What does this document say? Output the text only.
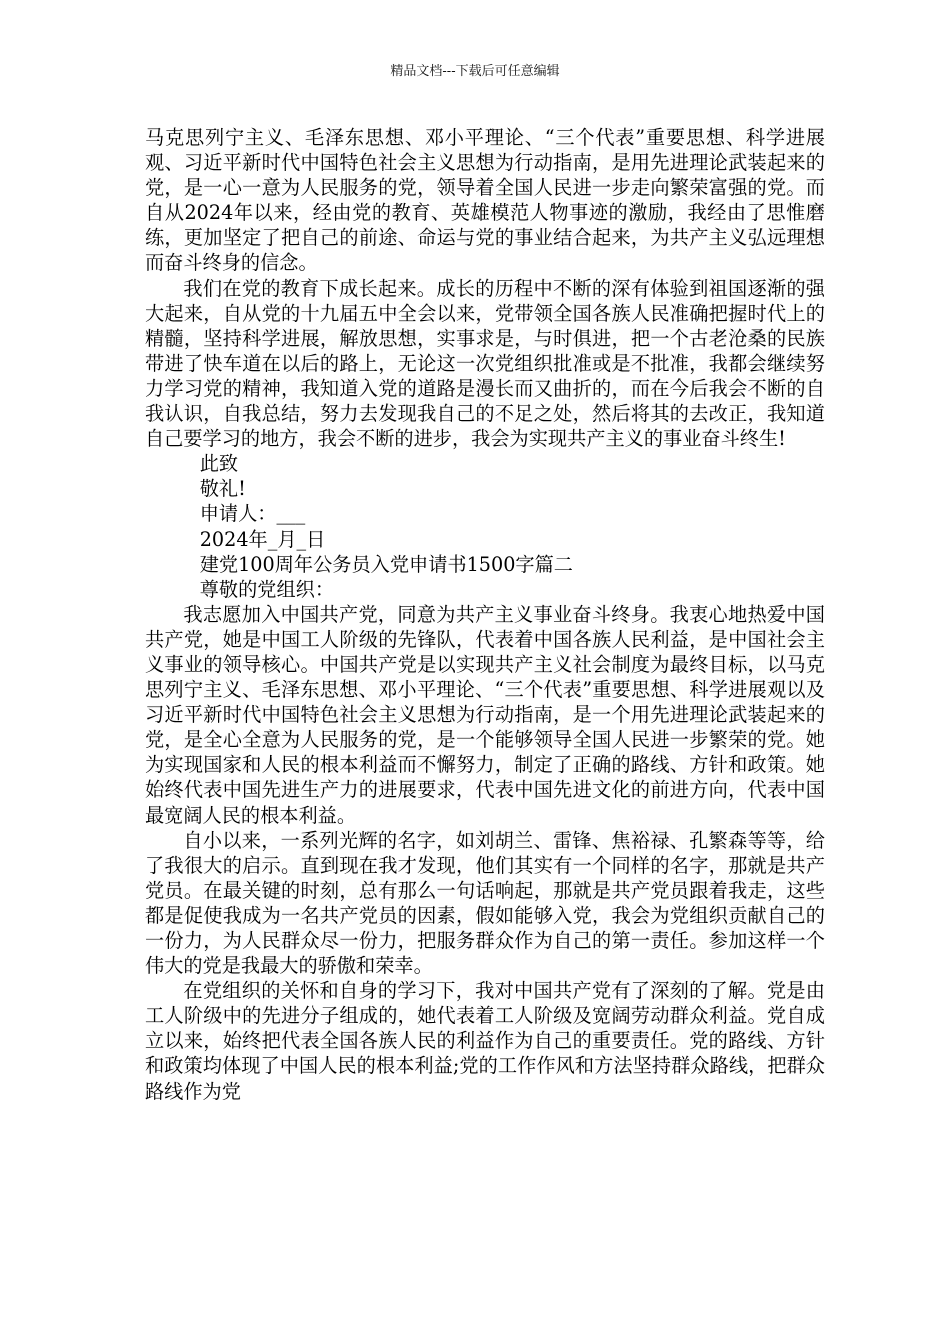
精品文档---下载后可任意编辑

马克思列宁主义、毛泽东思想、邓小平理论、“三个代表”重要思想、科学进展观、习近平新时代中国特色社会主义思想为行动指南，是用先进理论武装起来的党，是一心一意为人民服务的党，领导着全国人民进一步走向繁荣富强的党。而自从2024年以来，经由党的教育、英雄模范人物事迹的激励，我经由了思惟磨练，更加坚定了把自己的前途、命运与党的事业结合起来，为共产主义弘远理想而奋斗终身的信念。

我们在党的教育下成长起来。成长的历程中不断的深有体验到祖国逐渐的强大起来，自从党的十九届五中全会以来，党带领全国各族人民准确把握时代上的精髓，坚持科学进展，解放思想，实事求是，与时俱进，把一个古老沧桑的民族带进了快车道在以后的路上，无论这一次党组织批准或是不批准，我都会继续努力学习党的精神，我知道入党的道路是漫长而又曲折的，而在今后我会不断的自我认识，自我总结，努力去发现我自己的不足之处，然后将其的去改正，我知道自己要学习的地方，我会不断的进步，我会为实现共产主义的事业奋斗终生!

此致
敬礼!
申请人：___
2024年_月_日
建党100周年公务员入党申请书1500字篇二
尊敬的党组织：

我志愿加入中国共产党，同意为共产主义事业奋斗终身。我衷心地热爱中国共产党，她是中国工人阶级的先锋队，代表着中国各族人民利益，是中国社会主义事业的领导核心。中国共产党是以实现共产主义社会制度为最终目标，以马克思列宁主义、毛泽东思想、邓小平理论、“三个代表”重要思想、科学进展观以及习近平新时代中国特色社会主义思想为行动指南，是一个用先进理论武装起来的党，是全心全意为人民服务的党，是一个能够领导全国人民进一步繁荣的党。她为实现国家和人民的根本利益而不懈努力，制定了正确的路线、方针和政策。她始终代表中国先进生产力的进展要求，代表中国先进文化的前进方向，代表中国最宽阔人民的根本利益。

自小以来，一系列光辉的名字，如刘胡兰、雷锋、焦裕禄、孔繁森等等，给了我很大的启示。直到现在我才发现，他们其实有一个同样的名字，那就是共产党员。在最关键的时刻，总有那么一句话响起，那就是共产党员跟着我走，这些都是促使我成为一名共产党员的因素，假如能够入党，我会为党组织贡献自己的一份力，为人民群众尽一份力，把服务群众作为自己的第一责任。参加这样一个伟大的党是我最大的骄傲和荣幸。

在党组织的关怀和自身的学习下，我对中国共产党有了深刻的了解。党是由工人阶级中的先进分子组成的，她代表着工人阶级及宽阔劳动群众利益。党自成立以来，始终把代表全国各族人民的利益作为自己的重要责任。党的路线、方针和政策均体现了中国人民的根本利益;党的工作作风和方法坚持群众路线，把群众路线作为党
